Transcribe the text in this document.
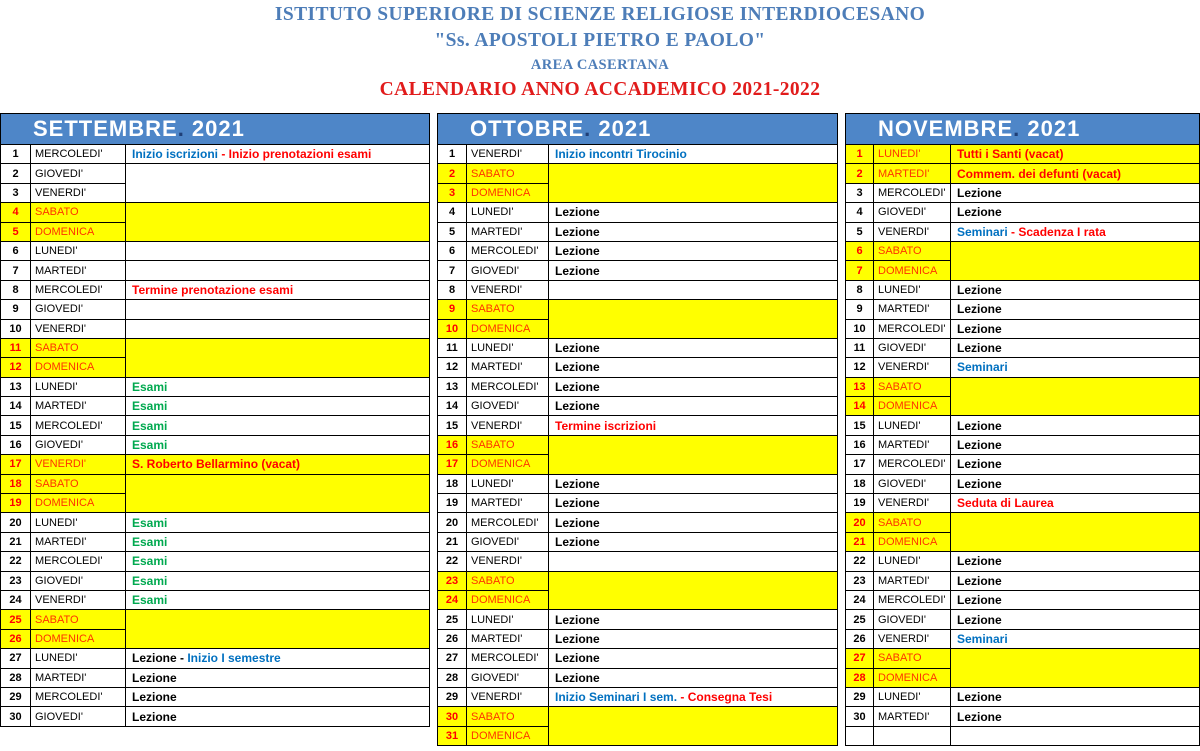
ISTITUTO SUPERIORE DI SCIENZE RELIGIOSE INTERDIOCESANO
"Ss. APOSTOLI PIETRO E PAOLO"
AREA CASERTANA
CALENDARIO ANNO ACCADEMICO 2021-2022
SETTEMBRE. 2021
1	MERCOLEDI'	Inizio iscrizioni - Inizio prenotazioni esami
2	GIOVEDI'	
3	VENERDI'	
4	SABATO	
5	DOMENICA	
6	LUNEDI'	
7	MARTEDI'	
8	MERCOLEDI'	Termine prenotazione esami
9	GIOVEDI'	
10	VENERDI'	
11	SABATO	
12	DOMENICA	
13	LUNEDI'	Esami
14	MARTEDI'	Esami
15	MERCOLEDI'	Esami
16	GIOVEDI'	Esami
17	VENERDI'	S. Roberto Bellarmino (vacat)
18	SABATO	
19	DOMENICA	
20	LUNEDI'	Esami
21	MARTEDI'	Esami
22	MERCOLEDI'	Esami
23	GIOVEDI'	Esami
24	VENERDI'	Esami
25	SABATO	
26	DOMENICA	
27	LUNEDI'	Lezione - Inizio I semestre
28	MARTEDI'	Lezione
29	MERCOLEDI'	Lezione
30	GIOVEDI'	Lezione
OTTOBRE. 2021
1	VENERDI'	Inizio incontri Tirocinio
2	SABATO	
3	DOMENICA	
4	LUNEDI'	Lezione
5	MARTEDI'	Lezione
6	MERCOLEDI'	Lezione
7	GIOVEDI'	Lezione
8	VENERDI'	
9	SABATO	
10	DOMENICA	
11	LUNEDI'	Lezione
12	MARTEDI'	Lezione
13	MERCOLEDI'	Lezione
14	GIOVEDI'	Lezione
15	VENERDI'	Termine iscrizioni
16	SABATO	
17	DOMENICA	
18	LUNEDI'	Lezione
19	MARTEDI'	Lezione
20	MERCOLEDI'	Lezione
21	GIOVEDI'	Lezione
22	VENERDI'	
23	SABATO	
24	DOMENICA	
25	LUNEDI'	Lezione
26	MARTEDI'	Lezione
27	MERCOLEDI'	Lezione
28	GIOVEDI'	Lezione
29	VENERDI'	Inizio Seminari I sem. - Consegna Tesi
30	SABATO	
31	DOMENICA	
NOVEMBRE. 2021
1	LUNEDI'	Tutti i Santi (vacat)
2	MARTEDI'	Commem. dei defunti (vacat)
3	MERCOLEDI'	Lezione
4	GIOVEDI'	Lezione
5	VENERDI'	Seminari - Scadenza I rata
6	SABATO	
7	DOMENICA	
8	LUNEDI'	Lezione
9	MARTEDI'	Lezione
10	MERCOLEDI'	Lezione
11	GIOVEDI'	Lezione
12	VENERDI'	Seminari
13	SABATO	
14	DOMENICA	
15	LUNEDI'	Lezione
16	MARTEDI'	Lezione
17	MERCOLEDI'	Lezione
18	GIOVEDI'	Lezione
19	VENERDI'	Seduta di Laurea
20	SABATO	
21	DOMENICA	
22	LUNEDI'	Lezione
23	MARTEDI'	Lezione
24	MERCOLEDI'	Lezione
25	GIOVEDI'	Lezione
26	VENERDI'	Seminari
27	SABATO	
28	DOMENICA	
29	LUNEDI'	Lezione
30	MARTEDI'	Lezione
